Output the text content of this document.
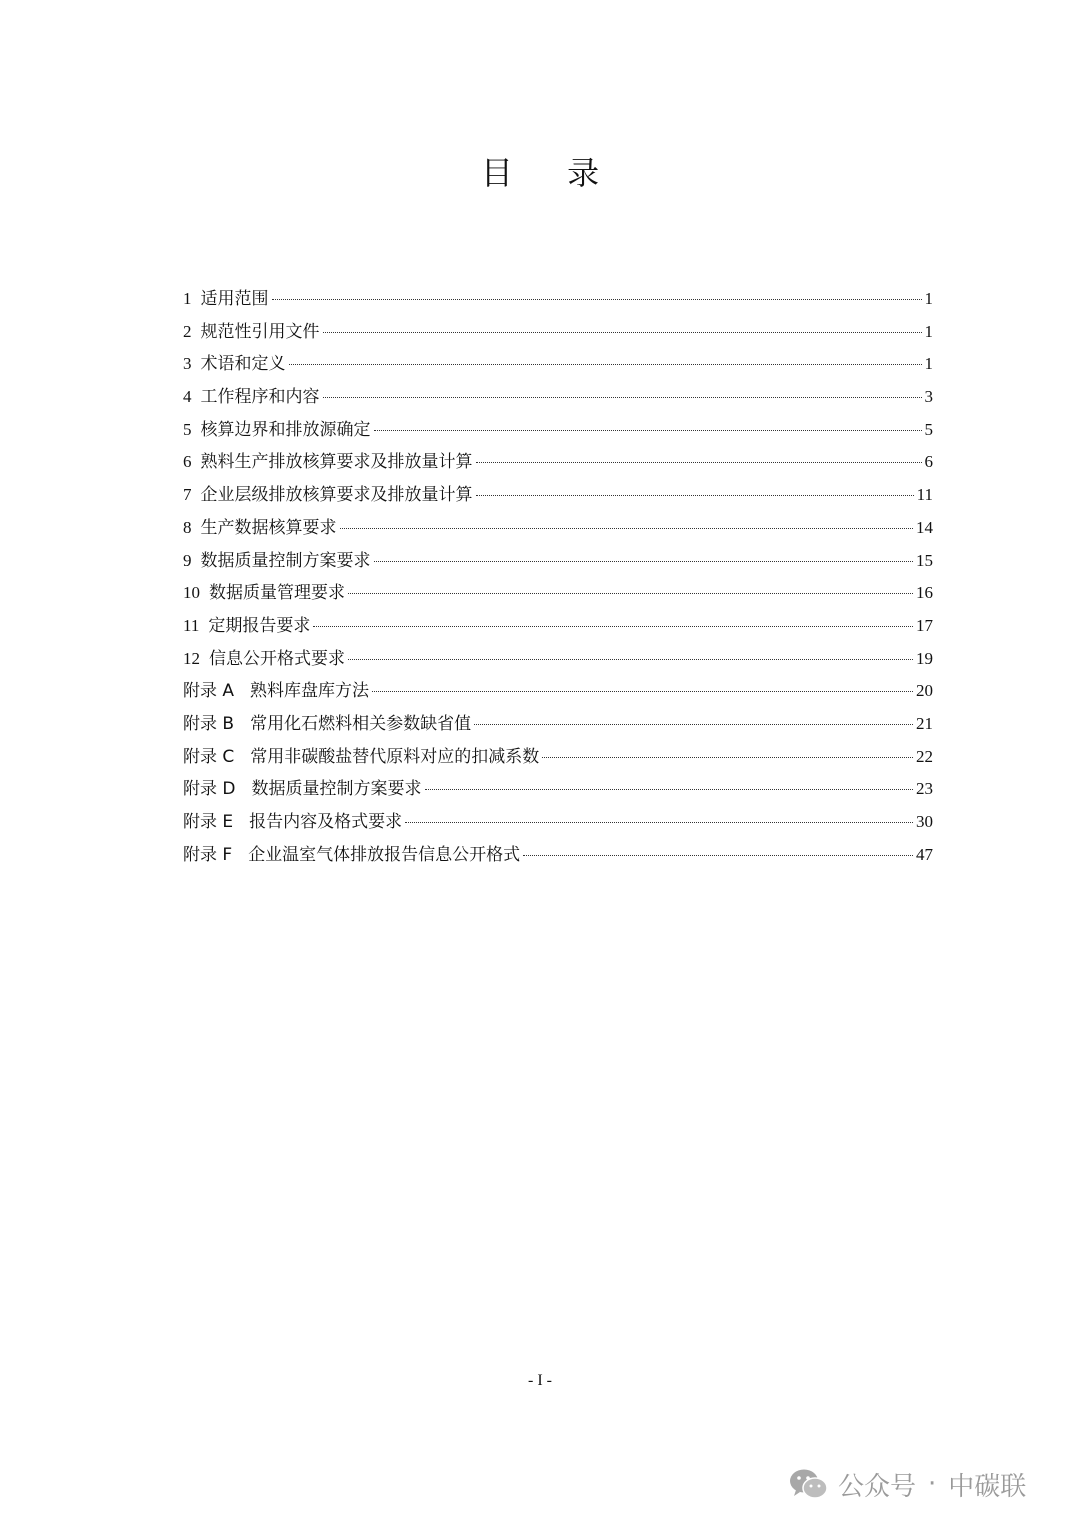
目 录
1 适用范围	1
2 规范性引用文件	1
3 术语和定义	1
4 工作程序和内容	3
5 核算边界和排放源确定	5
6 熟料生产排放核算要求及排放量计算	6
7 企业层级排放核算要求及排放量计算	11
8 生产数据核算要求	14
9 数据质量控制方案要求	15
10 数据质量管理要求	16
11 定期报告要求	17
12 信息公开格式要求	19
附录 A 熟料库盘库方法	20
附录 B 常用化石燃料相关参数缺省值	21
附录 C 常用非碳酸盐替代原料对应的扣减系数	22
附录 D 数据质量控制方案要求	23
附录 E 报告内容及格式要求	30
附录 F 企业温室气体排放报告信息公开格式	47
- I -
公众号 · 中碳联
